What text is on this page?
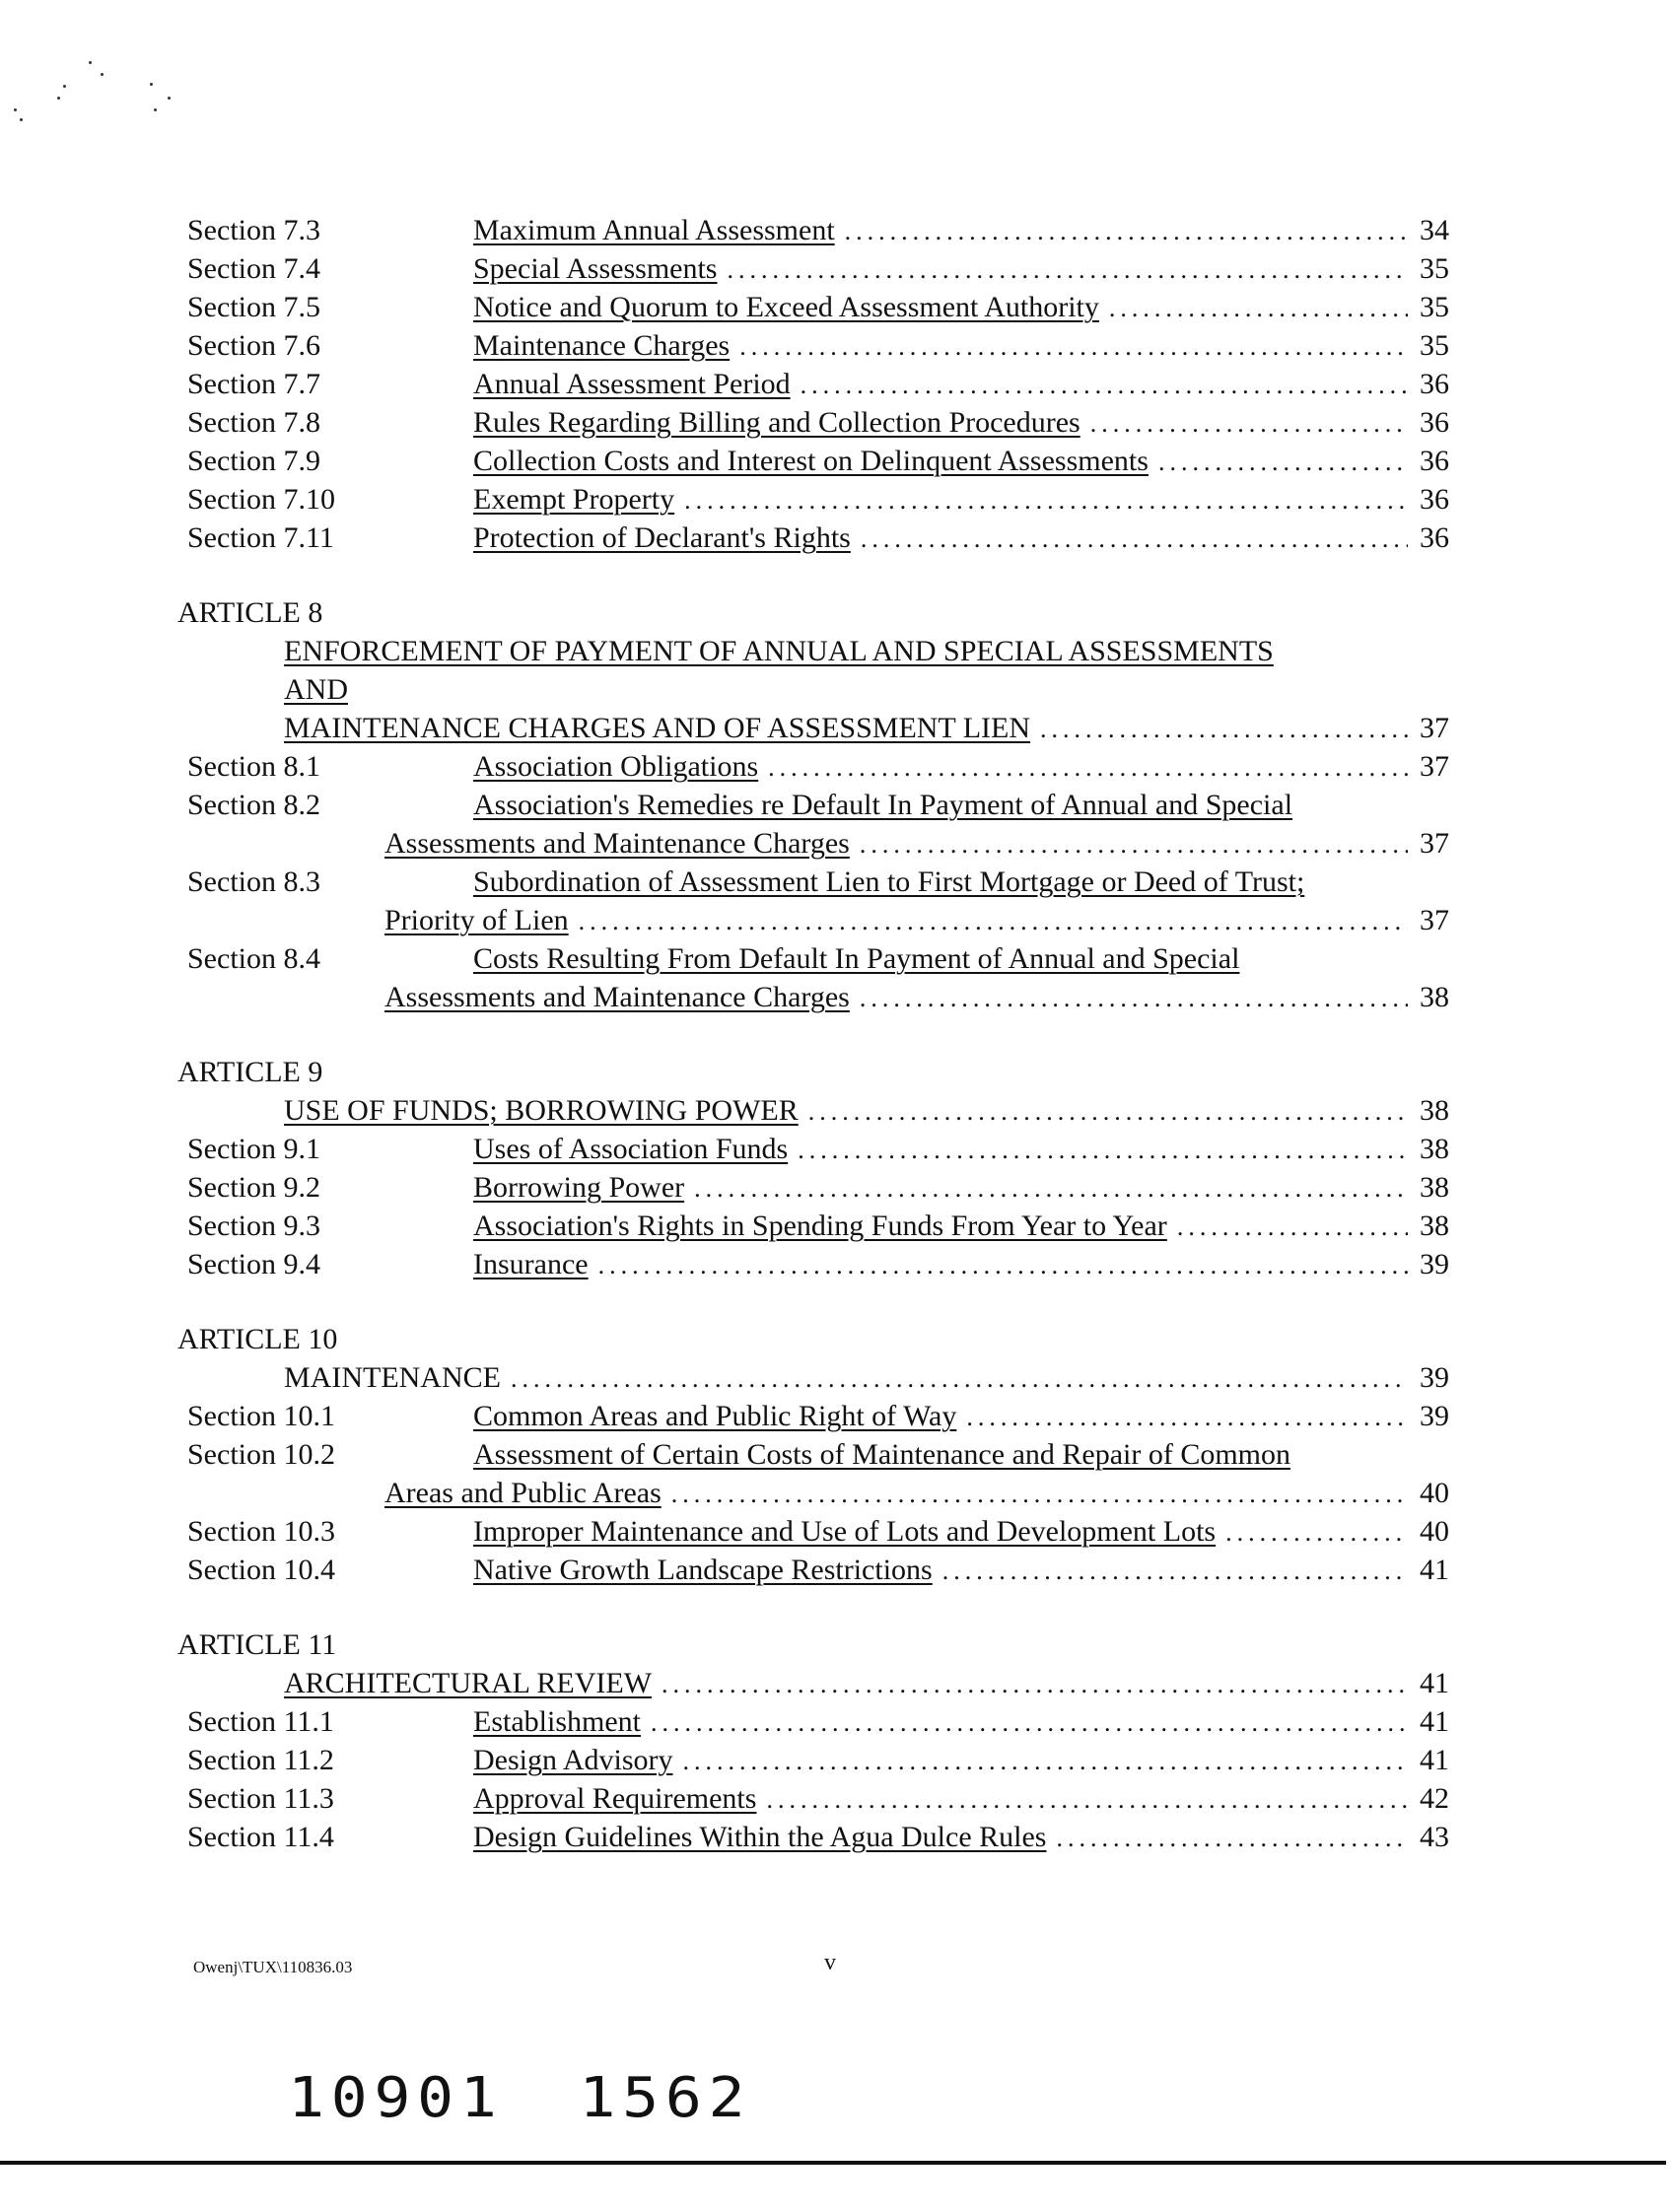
Section 7.3	Maximum Annual Assessment .....	34
Section 7.4	Special Assessments .....	35
Section 7.5	Notice and Quorum to Exceed Assessment Authority .....	35
Section 7.6	Maintenance Charges .....	35
Section 7.7	Annual Assessment Period .....	36
Section 7.8	Rules Regarding Billing and Collection Procedures .....	36
Section 7.9	Collection Costs and Interest on Delinquent Assessments .....	36
Section 7.10	Exempt Property .....	36
Section 7.11	Protection of Declarant's Rights .....	36
ARTICLE 8
ENFORCEMENT OF PAYMENT OF ANNUAL AND SPECIAL ASSESSMENTS
AND
MAINTENANCE CHARGES AND OF ASSESSMENT LIEN .....	37
Section 8.1	Association Obligations .....	37
Section 8.2	Association's Remedies re Default In Payment of Annual and Special
Assessments and Maintenance Charges .....	37
Section 8.3	Subordination of Assessment Lien to First Mortgage or Deed of Trust;
Priority of Lien .....	37
Section 8.4	Costs Resulting From Default In Payment of Annual and Special
Assessments and Maintenance Charges .....	38
ARTICLE 9
USE OF FUNDS; BORROWING POWER .....	38
Section 9.1	Uses of Association Funds .....	38
Section 9.2	Borrowing Power .....	38
Section 9.3	Association's Rights in Spending Funds From Year to Year .....	38
Section 9.4	Insurance .....	39
ARTICLE 10
MAINTENANCE .....	39
Section 10.1	Common Areas and Public Right of Way .....	39
Section 10.2	Assessment of Certain Costs of Maintenance and Repair of Common
Areas and Public Areas .....	40
Section 10.3	Improper Maintenance and Use of Lots and Development Lots .....	40
Section 10.4	Native Growth Landscape Restrictions .....	41
ARTICLE 11
ARCHITECTURAL REVIEW .....	41
Section 11.1	Establishment .....	41
Section 11.2	Design Advisory .....	41
Section 11.3	Approval Requirements .....	42
Section 11.4	Design Guidelines Within the Agua Dulce Rules .....	43
Owenj\TUX\110836.03	v
10901 1562
